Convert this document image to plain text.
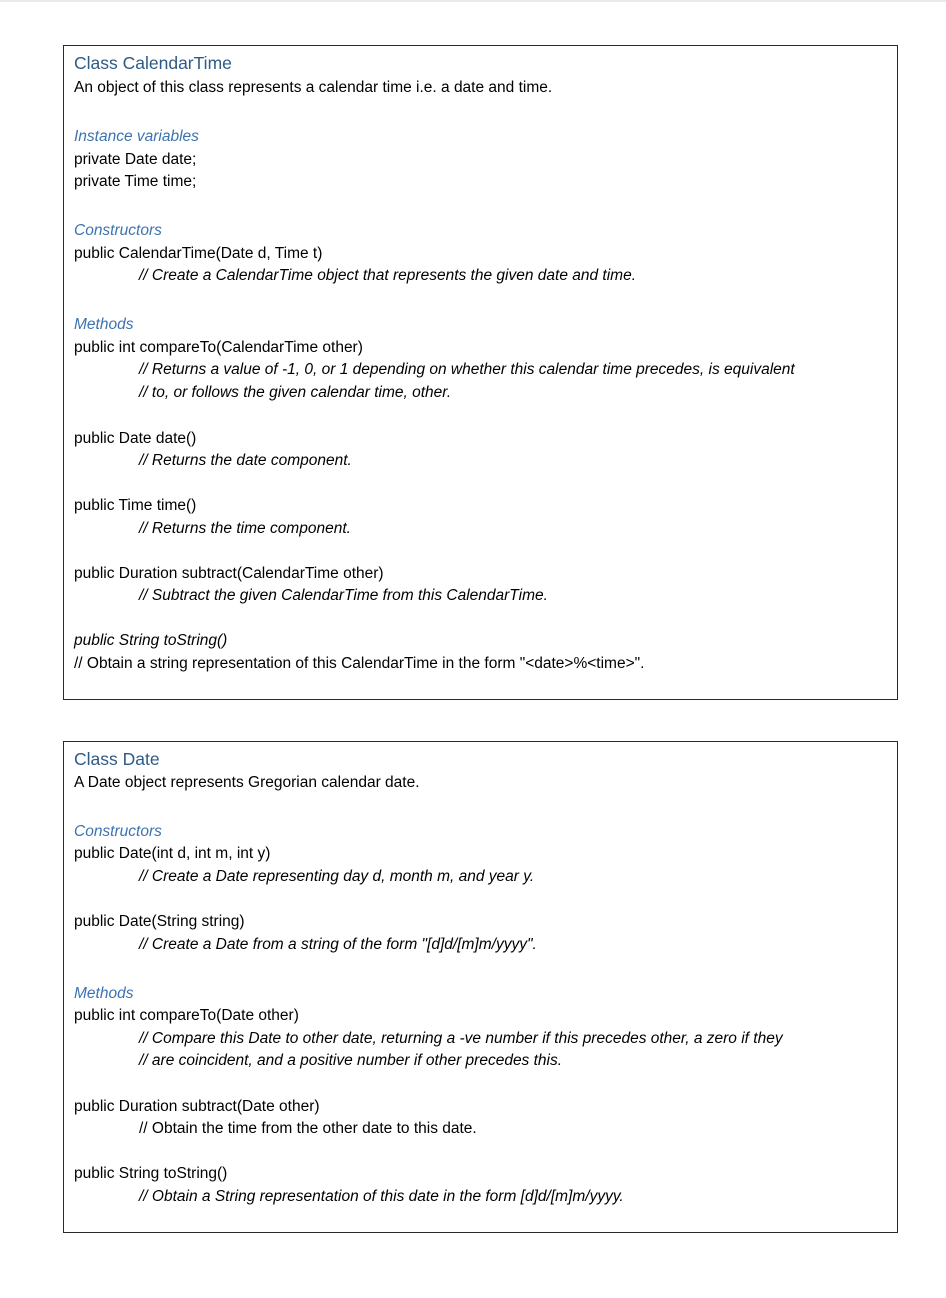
Class CalendarTime
An object of this class represents a calendar time i.e. a date and time.
Instance variables
private Date date;
private Time time;
Constructors
public CalendarTime(Date d, Time t)
// Create a CalendarTime object that represents the given date and time.
Methods
public int compareTo(CalendarTime other)
// Returns a value of -1, 0, or 1 depending on whether this calendar time precedes, is equivalent
// to, or follows the given calendar time, other.
public Date date()
// Returns the date component.
public Time time()
// Returns the time component.
public Duration subtract(CalendarTime other)
// Subtract the given CalendarTime from this CalendarTime.
public String toString()
// Obtain a string representation of this CalendarTime in the form "<date>%<time>".
Class Date
A Date object represents Gregorian calendar date.
Constructors
public Date(int d, int m, int y)
// Create a Date representing day d, month m, and year y.
public Date(String string)
// Create a Date from a string of the form "[d]d/[m]m/yyyy".
Methods
public int compareTo(Date other)
// Compare this Date to other date, returning a -ve number if this precedes other, a zero if they
// are coincident, and a positive number if other precedes this.
public Duration subtract(Date other)
// Obtain the time from the other date to this date.
public String toString()
// Obtain a String representation of this date in the form [d]d/[m]m/yyyy.
